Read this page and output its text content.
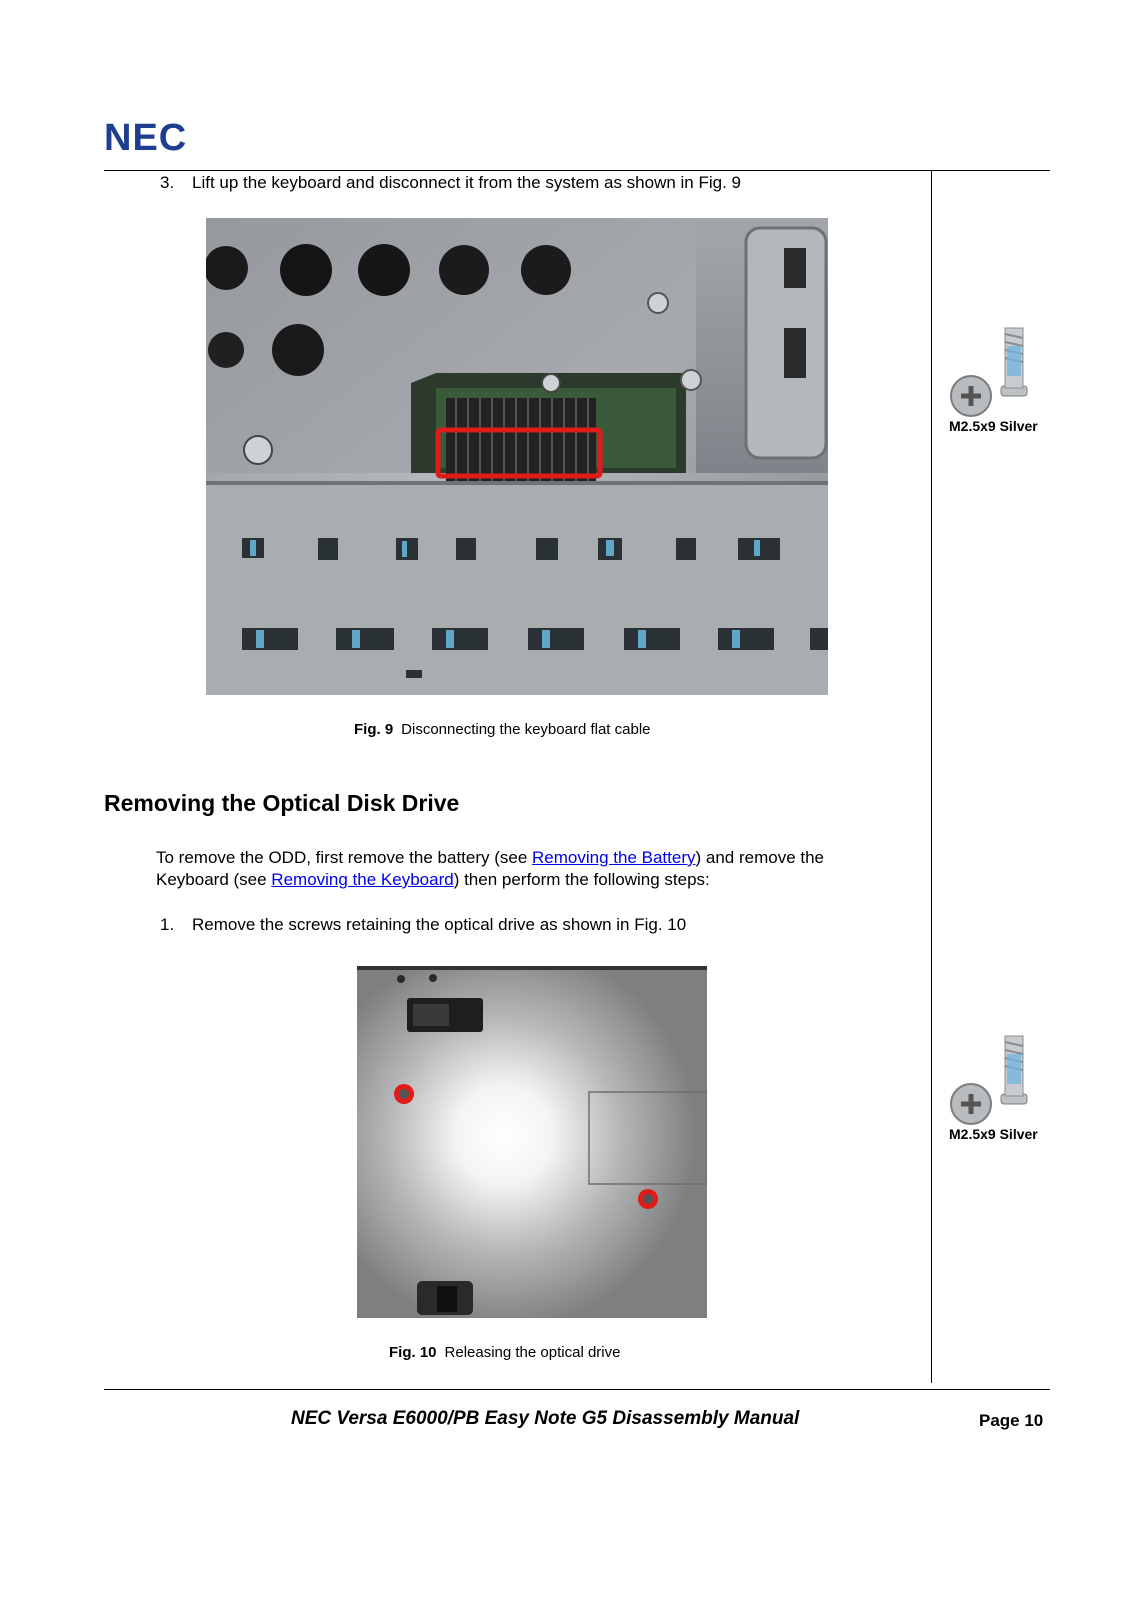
NEC
3. Lift up the keyboard and disconnect it from the system as shown in Fig. 9
Fig. 9 Disconnecting the keyboard flat cable
M2.5x9 Silver
Removing the Optical Disk Drive
To remove the ODD, first remove the battery (see Removing the Battery) and remove the Keyboard (see Removing the Keyboard) then perform the following steps:
1. Remove the screws retaining the optical drive as shown in Fig. 10
Fig. 10 Releasing the optical drive
M2.5x9 Silver
NEC Versa E6000/PB Easy Note G5 Disassembly Manual	Page 10
